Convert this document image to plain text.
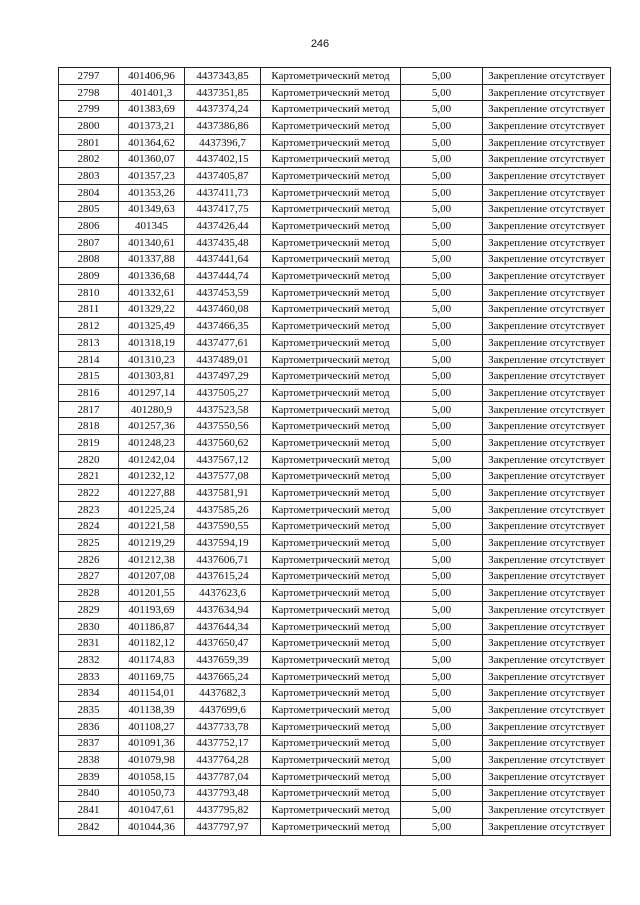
246
2797	401406,96	4437343,85	Картометрический метод	5,00	Закрепление отсутствует
2798	401401,3	4437351,85	Картометрический метод	5,00	Закрепление отсутствует
2799	401383,69	4437374,24	Картометрический метод	5,00	Закрепление отсутствует
2800	401373,21	4437386,86	Картометрический метод	5,00	Закрепление отсутствует
2801	401364,62	4437396,7	Картометрический метод	5,00	Закрепление отсутствует
2802	401360,07	4437402,15	Картометрический метод	5,00	Закрепление отсутствует
2803	401357,23	4437405,87	Картометрический метод	5,00	Закрепление отсутствует
2804	401353,26	4437411,73	Картометрический метод	5,00	Закрепление отсутствует
2805	401349,63	4437417,75	Картометрический метод	5,00	Закрепление отсутствует
2806	401345	4437426,44	Картометрический метод	5,00	Закрепление отсутствует
2807	401340,61	4437435,48	Картометрический метод	5,00	Закрепление отсутствует
2808	401337,88	4437441,64	Картометрический метод	5,00	Закрепление отсутствует
2809	401336,68	4437444,74	Картометрический метод	5,00	Закрепление отсутствует
2810	401332,61	4437453,59	Картометрический метод	5,00	Закрепление отсутствует
2811	401329,22	4437460,08	Картометрический метод	5,00	Закрепление отсутствует
2812	401325,49	4437466,35	Картометрический метод	5,00	Закрепление отсутствует
2813	401318,19	4437477,61	Картометрический метод	5,00	Закрепление отсутствует
2814	401310,23	4437489,01	Картометрический метод	5,00	Закрепление отсутствует
2815	401303,81	4437497,29	Картометрический метод	5,00	Закрепление отсутствует
2816	401297,14	4437505,27	Картометрический метод	5,00	Закрепление отсутствует
2817	401280,9	4437523,58	Картометрический метод	5,00	Закрепление отсутствует
2818	401257,36	4437550,56	Картометрический метод	5,00	Закрепление отсутствует
2819	401248,23	4437560,62	Картометрический метод	5,00	Закрепление отсутствует
2820	401242,04	4437567,12	Картометрический метод	5,00	Закрепление отсутствует
2821	401232,12	4437577,08	Картометрический метод	5,00	Закрепление отсутствует
2822	401227,88	4437581,91	Картометрический метод	5,00	Закрепление отсутствует
2823	401225,24	4437585,26	Картометрический метод	5,00	Закрепление отсутствует
2824	401221,58	4437590,55	Картометрический метод	5,00	Закрепление отсутствует
2825	401219,29	4437594,19	Картометрический метод	5,00	Закрепление отсутствует
2826	401212,38	4437606,71	Картометрический метод	5,00	Закрепление отсутствует
2827	401207,08	4437615,24	Картометрический метод	5,00	Закрепление отсутствует
2828	401201,55	4437623,6	Картометрический метод	5,00	Закрепление отсутствует
2829	401193,69	4437634,94	Картометрический метод	5,00	Закрепление отсутствует
2830	401186,87	4437644,34	Картометрический метод	5,00	Закрепление отсутствует
2831	401182,12	4437650,47	Картометрический метод	5,00	Закрепление отсутствует
2832	401174,83	4437659,39	Картометрический метод	5,00	Закрепление отсутствует
2833	401169,75	4437665,24	Картометрический метод	5,00	Закрепление отсутствует
2834	401154,01	4437682,3	Картометрический метод	5,00	Закрепление отсутствует
2835	401138,39	4437699,6	Картометрический метод	5,00	Закрепление отсутствует
2836	401108,27	4437733,78	Картометрический метод	5,00	Закрепление отсутствует
2837	401091,36	4437752,17	Картометрический метод	5,00	Закрепление отсутствует
2838	401079,98	4437764,28	Картометрический метод	5,00	Закрепление отсутствует
2839	401058,15	4437787,04	Картометрический метод	5,00	Закрепление отсутствует
2840	401050,73	4437793,48	Картометрический метод	5,00	Закрепление отсутствует
2841	401047,61	4437795,82	Картометрический метод	5,00	Закрепление отсутствует
2842	401044,36	4437797,97	Картометрический метод	5,00	Закрепление отсутствует
